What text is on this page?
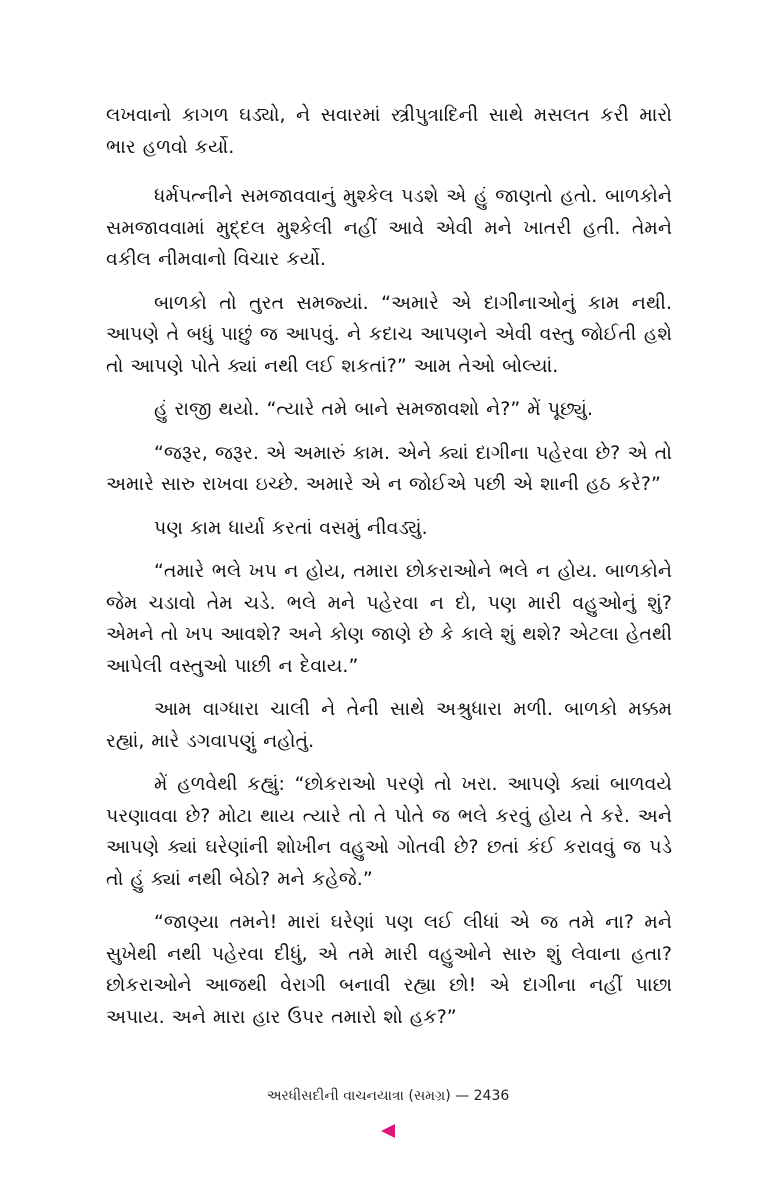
લખવાનો કાગળ ઘડ્યો, ને સવારમાં સ્ત્રીપુત્રાદિની સાથે મસલત કરી મારો ભાર હળવો કર્યો.

ધર્મપત્નીને સમજાવવાનું મુશ્કેલ પડશે એ હું જાણતો હતો. બાળકોને સમજાવવામાં મુદ્દલ મુશ્કેલી નહીં આવે એવી મને ખાતરી હતી. તેમને વકીલ નીમવાનો વિચાર કર્યો.

બાળકો તો તુરત સમજ્યાં. “અમારે એ દાગીનાઓનું કામ નથી. આપણે તે બધું પાછું જ આપવું. ને કદાચ આપણને એવી વસ્તુ જોઈતી હશે તો આપણે પોતે ક્યાં નથી લઈ શકતાં?” આમ તેઓ બોલ્યાં.

હું રાજી થયો. “ત્યારે તમે બાને સમજાવશો ને?” મેં પૂછ્યું.

“જરૂર, જરૂર. એ અમારું કામ. એને ક્યાં દાગીના પહેરવા છે? એ તો અમારે સારુ રાખવા ઇચ્છે. અમારે એ ન જોઈએ પછી એ શાની હઠ કરે?”

પણ કામ ધાર્યા કરતાં વસમું નીવડ્યું.

“તમારે ભલે ખપ ન હોય, તમારા છોકરાઓને ભલે ન હોય. બાળકોને જેમ ચડાવો તેમ ચડે. ભલે મને પહેરવા ન દો, પણ મારી વહુઓનું શું? એમને તો ખપ આવશે? અને કોણ જાણે છે કે કાલે શું થશે? એટલા હેતથી આપેલી વસ્તુઓ પાછી ન દેવાય.”

આમ વાગ્ધારા ચાલી ને તેની સાથે અશ્રુધારા મળી. બાળકો મક્કમ રહ્યાં, મારે ડગવાપણું નહોતું.

મેં હળવેથી કહ્યું: “છોકરાઓ પરણે તો ખરા. આપણે ક્યાં બાળવયે પરણાવવા છે? મોટા થાય ત્યારે તો તે પોતે જ ભલે કરવું હોય તે કરે. અને આપણે ક્યાં ઘરેણાંની શોખીન વહુઓ ગોતવી છે? છતાં કંઈ કરાવવું જ પડે તો હું ક્યાં નથી બેઠો? મને કહેજે.”

“જાણ્યા તમને! મારાં ઘરેણાં પણ લઈ લીધાં એ જ તમે ના? મને સુખેથી નથી પહેરવા દીધું, એ તમે મારી વહુઓને સારુ શું લેવાના હતા? છોકરાઓને આજથી વેરાગી બનાવી રહ્યા છો! એ દાગીના નહીં પાછા અપાય. અને મારા હાર ઉપર તમારો શો હક?”

અરધીસદીની વાચનયાત્રા (સમગ્ર) — 2436
